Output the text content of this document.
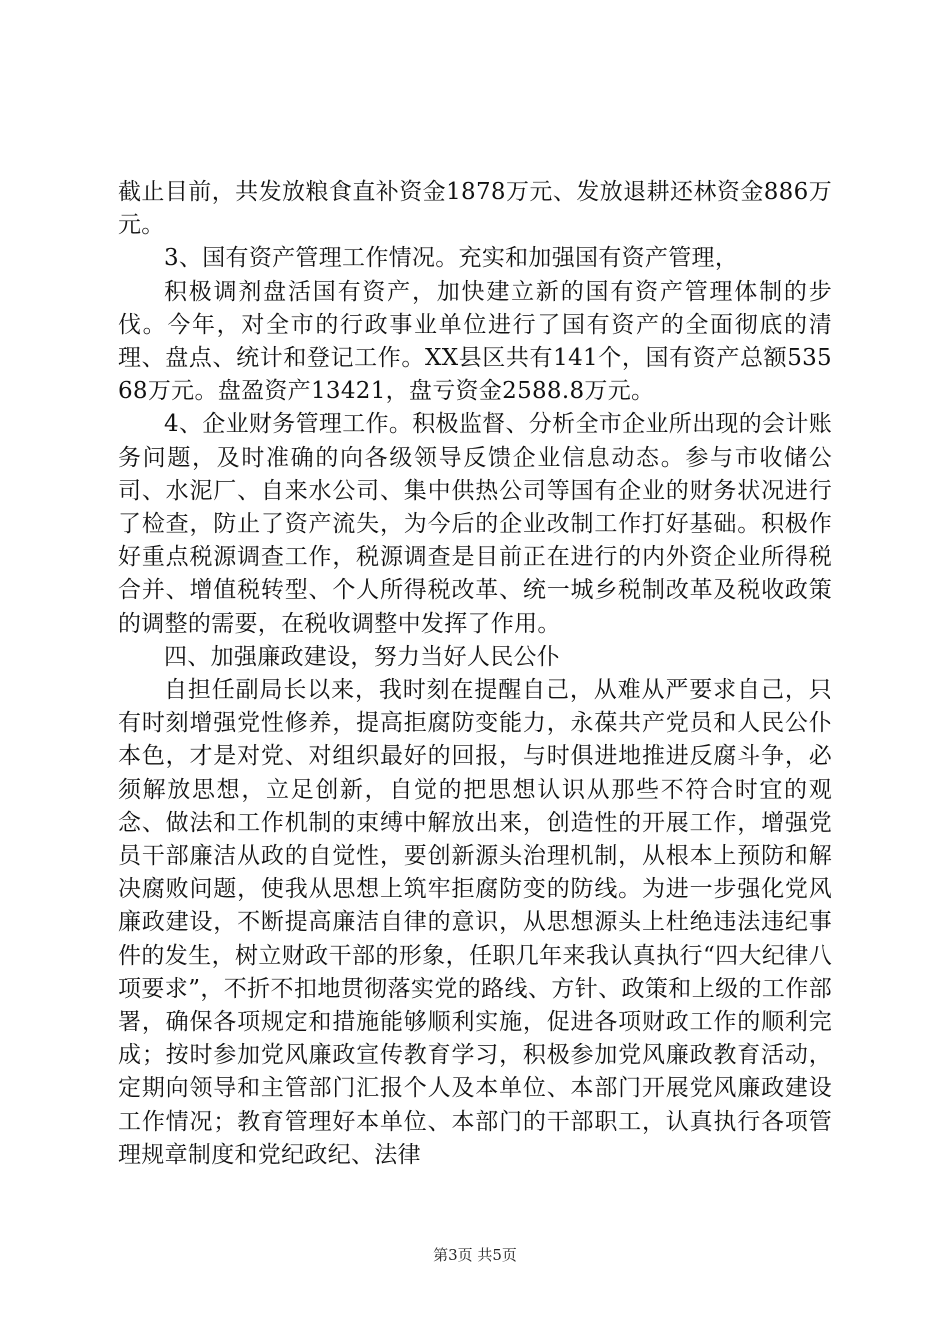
截止目前，共发放粮食直补资金1878万元、发放退耕还林资金886万元。

3、国有资产管理工作情况。充实和加强国有资产管理，

积极调剂盘活国有资产，加快建立新的国有资产管理体制的步伐。今年，对全市的行政事业单位进行了国有资产的全面彻底的清理、盘点、统计和登记工作。XX县区共有141个，国有资产总额53568万元。盘盈资产13421，盘亏资金2588.8万元。

4、企业财务管理工作。积极监督、分析全市企业所出现的会计账务问题，及时准确的向各级领导反馈企业信息动态。参与市收储公司、水泥厂、自来水公司、集中供热公司等国有企业的财务状况进行了检查，防止了资产流失，为今后的企业改制工作打好基础。积极作好重点税源调查工作，税源调查是目前正在进行的内外资企业所得税合并、增值税转型、个人所得税改革、统一城乡税制改革及税收政策的调整的需要，在税收调整中发挥了作用。

四、加强廉政建设，努力当好人民公仆

自担任副局长以来，我时刻在提醒自己，从难从严要求自己，只有时刻增强党性修养，提高拒腐防变能力，永葆共产党员和人民公仆本色，才是对党、对组织最好的回报，与时俱进地推进反腐斗争，必须解放思想，立足创新，自觉的把思想认识从那些不符合时宜的观念、做法和工作机制的束缚中解放出来，创造性的开展工作，增强党员干部廉洁从政的自觉性，要创新源头治理机制，从根本上预防和解决腐败问题，使我从思想上筑牢拒腐防变的防线。为进一步强化党风廉政建设，不断提高廉洁自律的意识，从思想源头上杜绝违法违纪事件的发生，树立财政干部的形象，任职几年来我认真执行“四大纪律八项要求”，不折不扣地贯彻落实党的路线、方针、政策和上级的工作部署，确保各项规定和措施能够顺利实施，促进各项财政工作的顺利完成；按时参加党风廉政宣传教育学习，积极参加党风廉政教育活动，定期向领导和主管部门汇报个人及本单位、本部门开展党风廉政建设工作情况；教育管理好本单位、本部门的干部职工，认真执行各项管理规章制度和党纪政纪、法律

第3页 共5页
